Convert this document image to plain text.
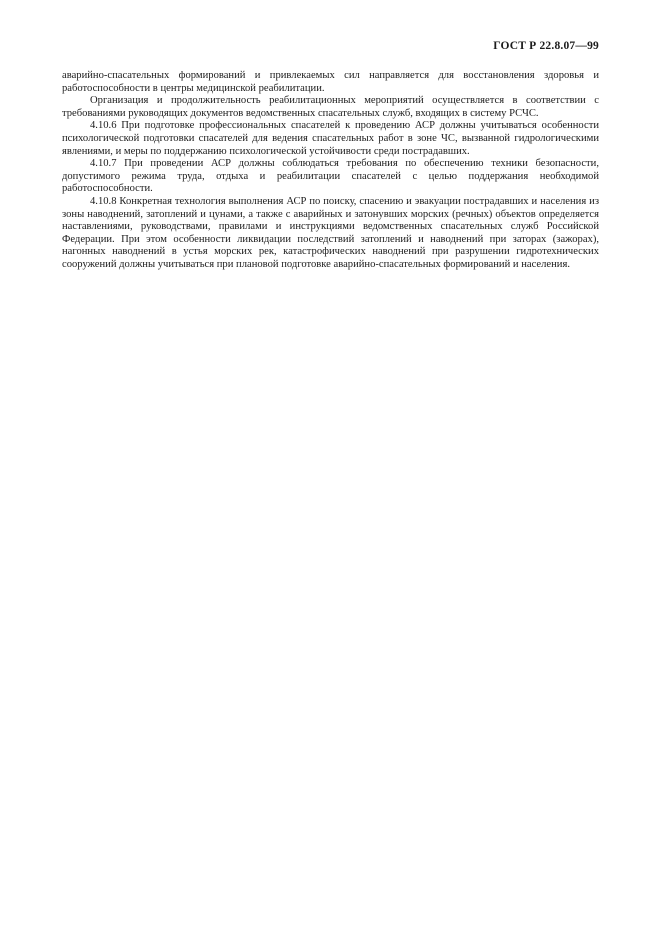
ГОСТ Р 22.8.07—99

аварийно-спасательных формирований и привлекаемых сил направляется для восстановления здоровья и работоспособности в центры медицинской реабилитации.

Организация и продолжительность реабилитационных мероприятий осуществляется в соответствии с требованиями руководящих документов ведомственных спасательных служб, входящих в систему РСЧС.

4.10.6 При подготовке профессиональных спасателей к проведению АСР должны учитываться особенности психологической подготовки спасателей для ведения спасательных работ в зоне ЧС, вызванной гидрологическими явлениями, и меры по поддержанию психологической устойчивости среди пострадавших.

4.10.7 При проведении АСР должны соблюдаться требования по обеспечению техники безопасности, допустимого режима труда, отдыха и реабилитации спасателей с целью поддержания необходимой работоспособности.

4.10.8 Конкретная технология выполнения АСР по поиску, спасению и эвакуации пострадавших и населения из зоны наводнений, затоплений и цунами, а также с аварийных и затонувших морских (речных) объектов определяется наставлениями, руководствами, правилами и инструкциями ведомственных спасательных служб Российской Федерации. При этом особенности ликвидации последствий затоплений и наводнений при заторах (зажорах), нагонных наводнений в устья морских рек, катастрофических наводнений при разрушении гидротехнических сооружений должны учитываться при плановой подготовке аварийно-спасательных формирований и населения.
